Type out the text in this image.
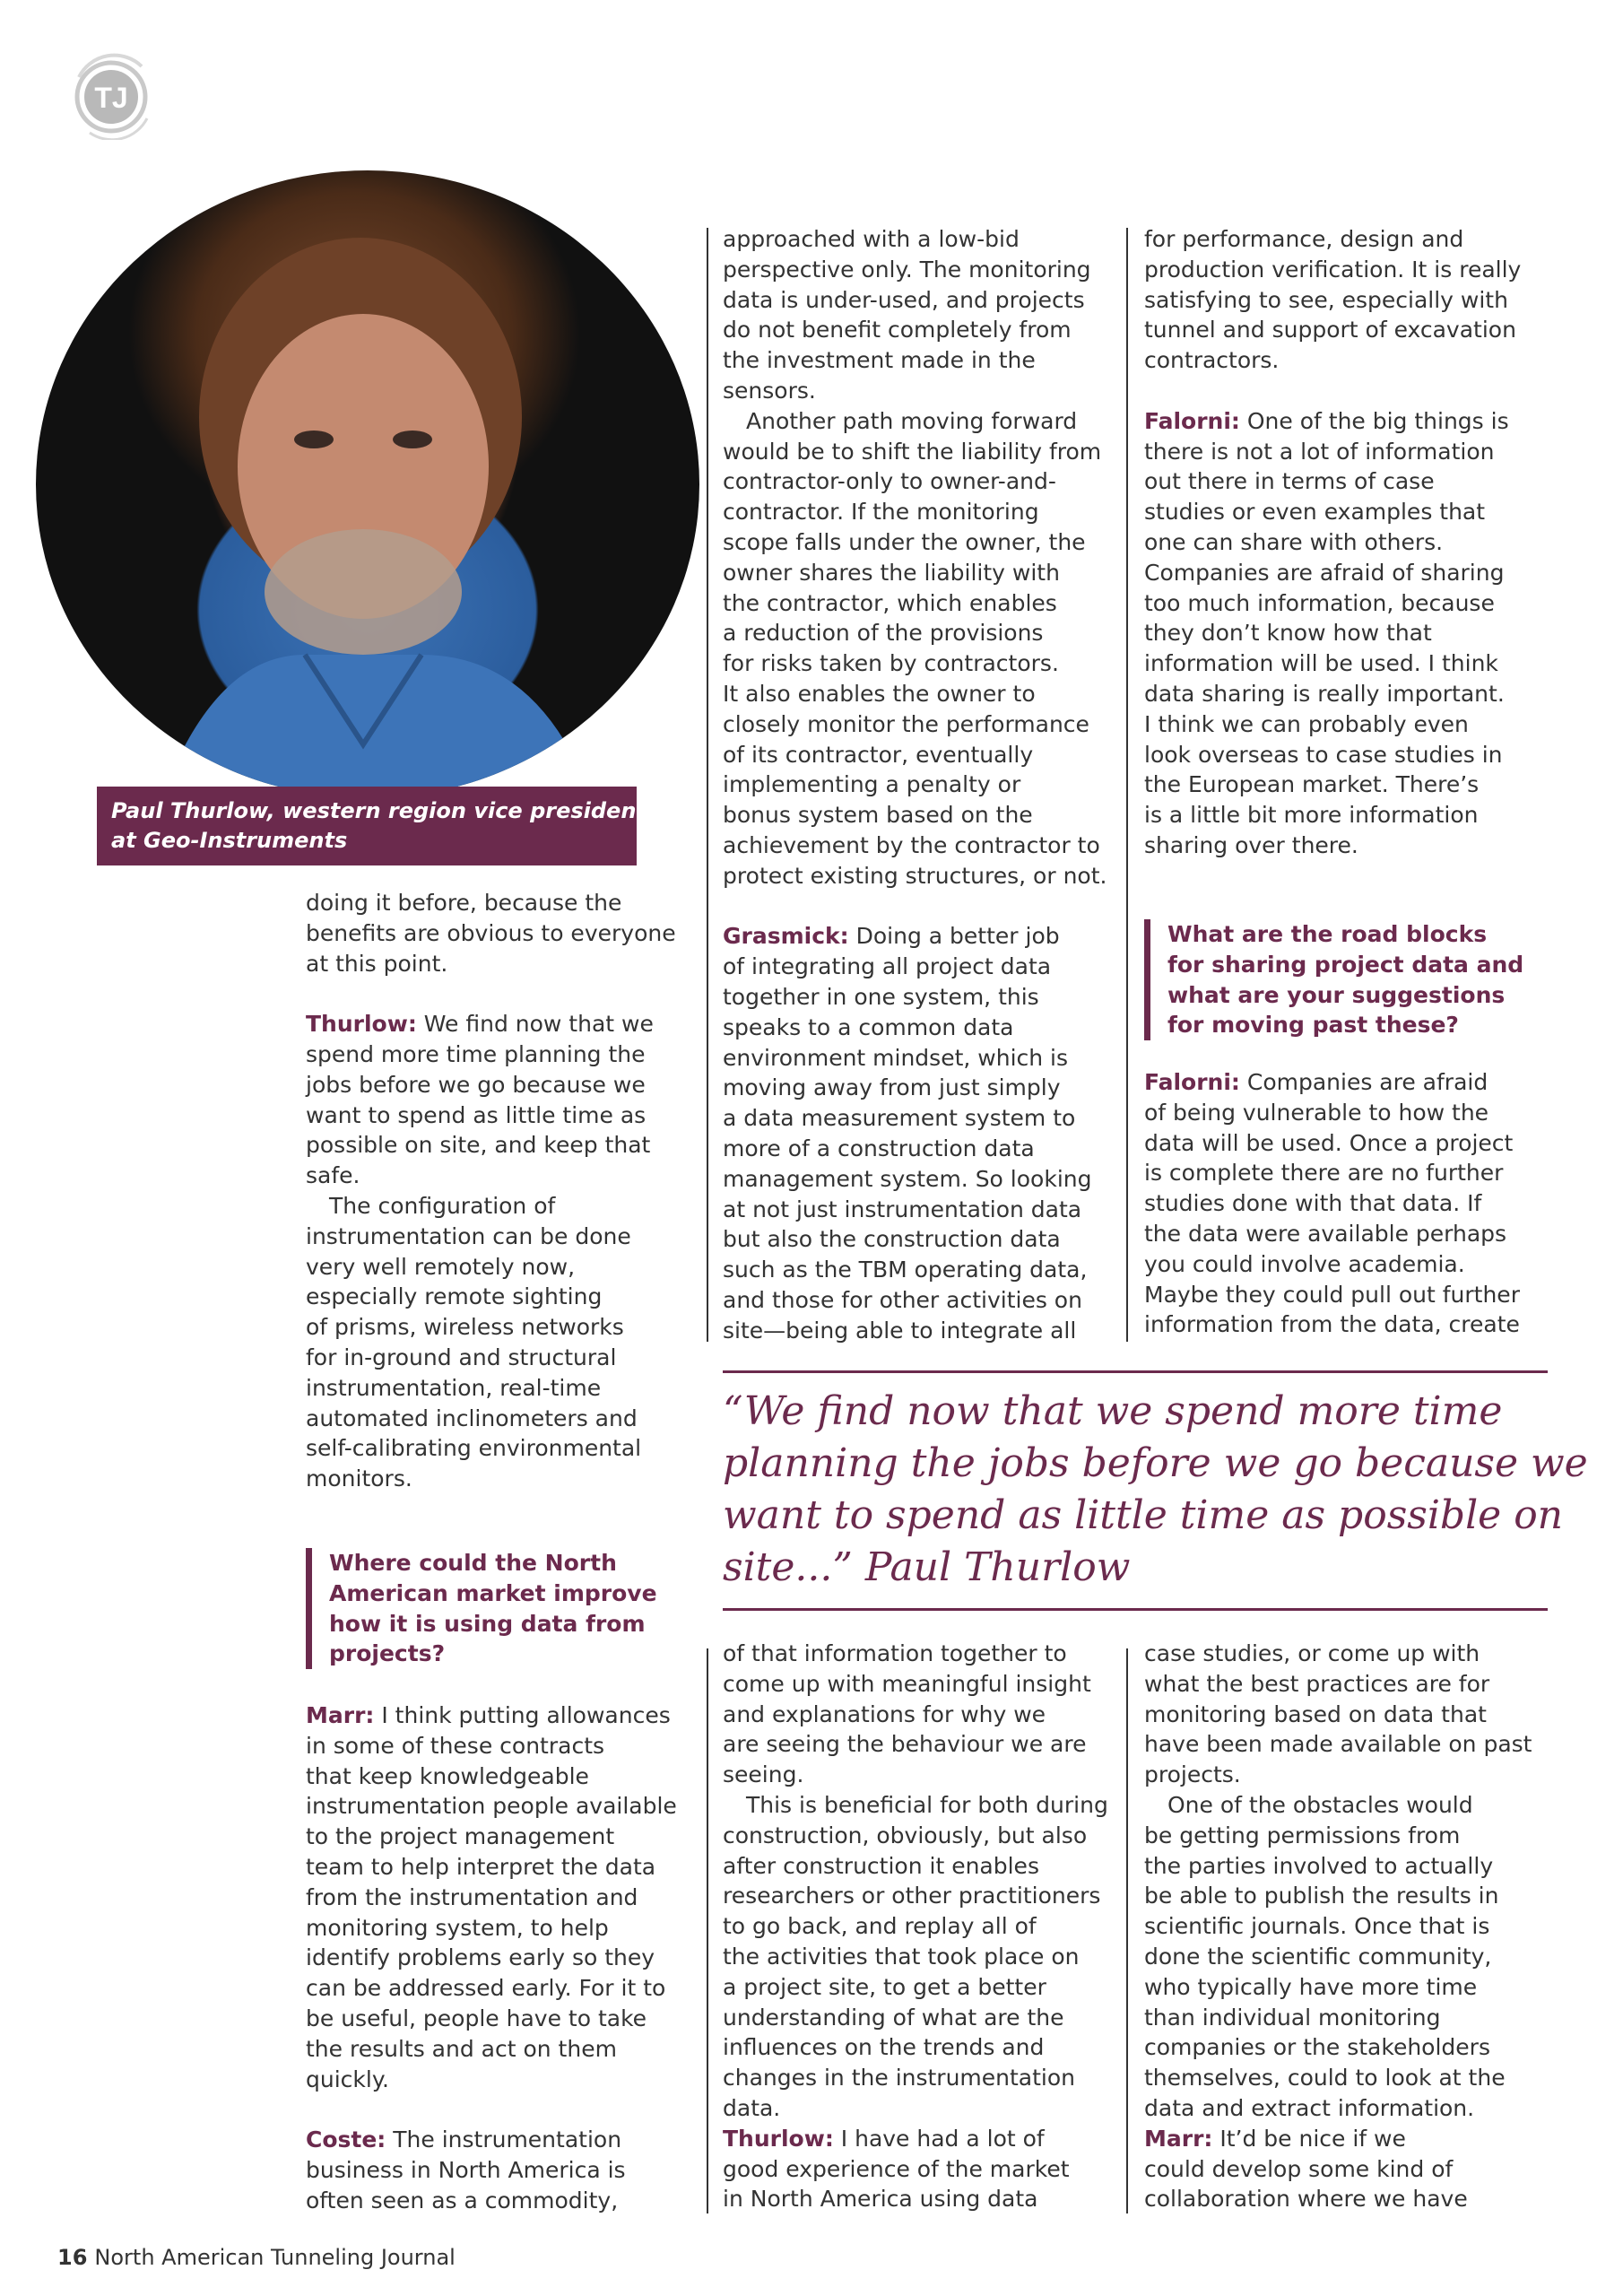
TJ
Paul Thurlow, western region vice president
at Geo-Instruments
doing it before, because the
benefits are obvious to everyone
at this point.
Thurlow: We find now that we
spend more time planning the
jobs before we go because we
want to spend as little time as
possible on site, and keep that
safe.
The configuration of
instrumentation can be done
very well remotely now,
especially remote sighting
of prisms, wireless networks
for in-ground and structural
instrumentation, real-time
automated inclinometers and
self-calibrating environmental
monitors.
Where could the North
American market improve
how it is using data from
projects?
Marr: I think putting allowances
in some of these contracts
that keep knowledgeable
instrumentation people available
to the project management
team to help interpret the data
from the instrumentation and
monitoring system, to help
identify problems early so they
can be addressed early. For it to
be useful, people have to take
the results and act on them
quickly.
Coste: The instrumentation
business in North America is
often seen as a commodity,
approached with a low-bid
perspective only. The monitoring
data is under-used, and projects
do not benefit completely from
the investment made in the
sensors.
Another path moving forward
would be to shift the liability from
contractor-only to owner-and-
contractor. If the monitoring
scope falls under the owner, the
owner shares the liability with
the contractor, which enables
a reduction of the provisions
for risks taken by contractors.
It also enables the owner to
closely monitor the performance
of its contractor, eventually
implementing a penalty or
bonus system based on the
achievement by the contractor to
protect existing structures, or not.
Grasmick: Doing a better job
of integrating all project data
together in one system, this
speaks to a common data
environment mindset, which is
moving away from just simply
a data measurement system to
more of a construction data
management system. So looking
at not just instrumentation data
but also the construction data
such as the TBM operating data,
and those for other activities on
site—being able to integrate all
for performance, design and
production verification. It is really
satisfying to see, especially with
tunnel and support of excavation
contractors.
Falorni: One of the big things is
there is not a lot of information
out there in terms of case
studies or even examples that
one can share with others.
Companies are afraid of sharing
too much information, because
they don’t know how that
information will be used. I think
data sharing is really important.
I think we can probably even
look overseas to case studies in
the European market. There’s
is a little bit more information
sharing over there.
What are the road blocks
for sharing project data and
what are your suggestions
for moving past these?
Falorni: Companies are afraid
of being vulnerable to how the
data will be used. Once a project
is complete there are no further
studies done with that data. If
the data were available perhaps
you could involve academia.
Maybe they could pull out further
information from the data, create
“We find now that we spend more time
planning the jobs before we go because we
want to spend as little time as possible on
site...” Paul Thurlow
of that information together to
come up with meaningful insight
and explanations for why we
are seeing the behaviour we are
seeing.
This is beneficial for both during
construction, obviously, but also
after construction it enables
researchers or other practitioners
to go back, and replay all of
the activities that took place on
a project site, to get a better
understanding of what are the
influences on the trends and
changes in the instrumentation
data.
Thurlow: I have had a lot of
good experience of the market
in North America using data
case studies, or come up with
what the best practices are for
monitoring based on data that
have been made available on past
projects.
One of the obstacles would
be getting permissions from
the parties involved to actually
be able to publish the results in
scientific journals. Once that is
done the scientific community,
who typically have more time
than individual monitoring
companies or the stakeholders
themselves, could to look at the
data and extract information.
Marr: It’d be nice if we
could develop some kind of
collaboration where we have
16 North American Tunneling Journal
